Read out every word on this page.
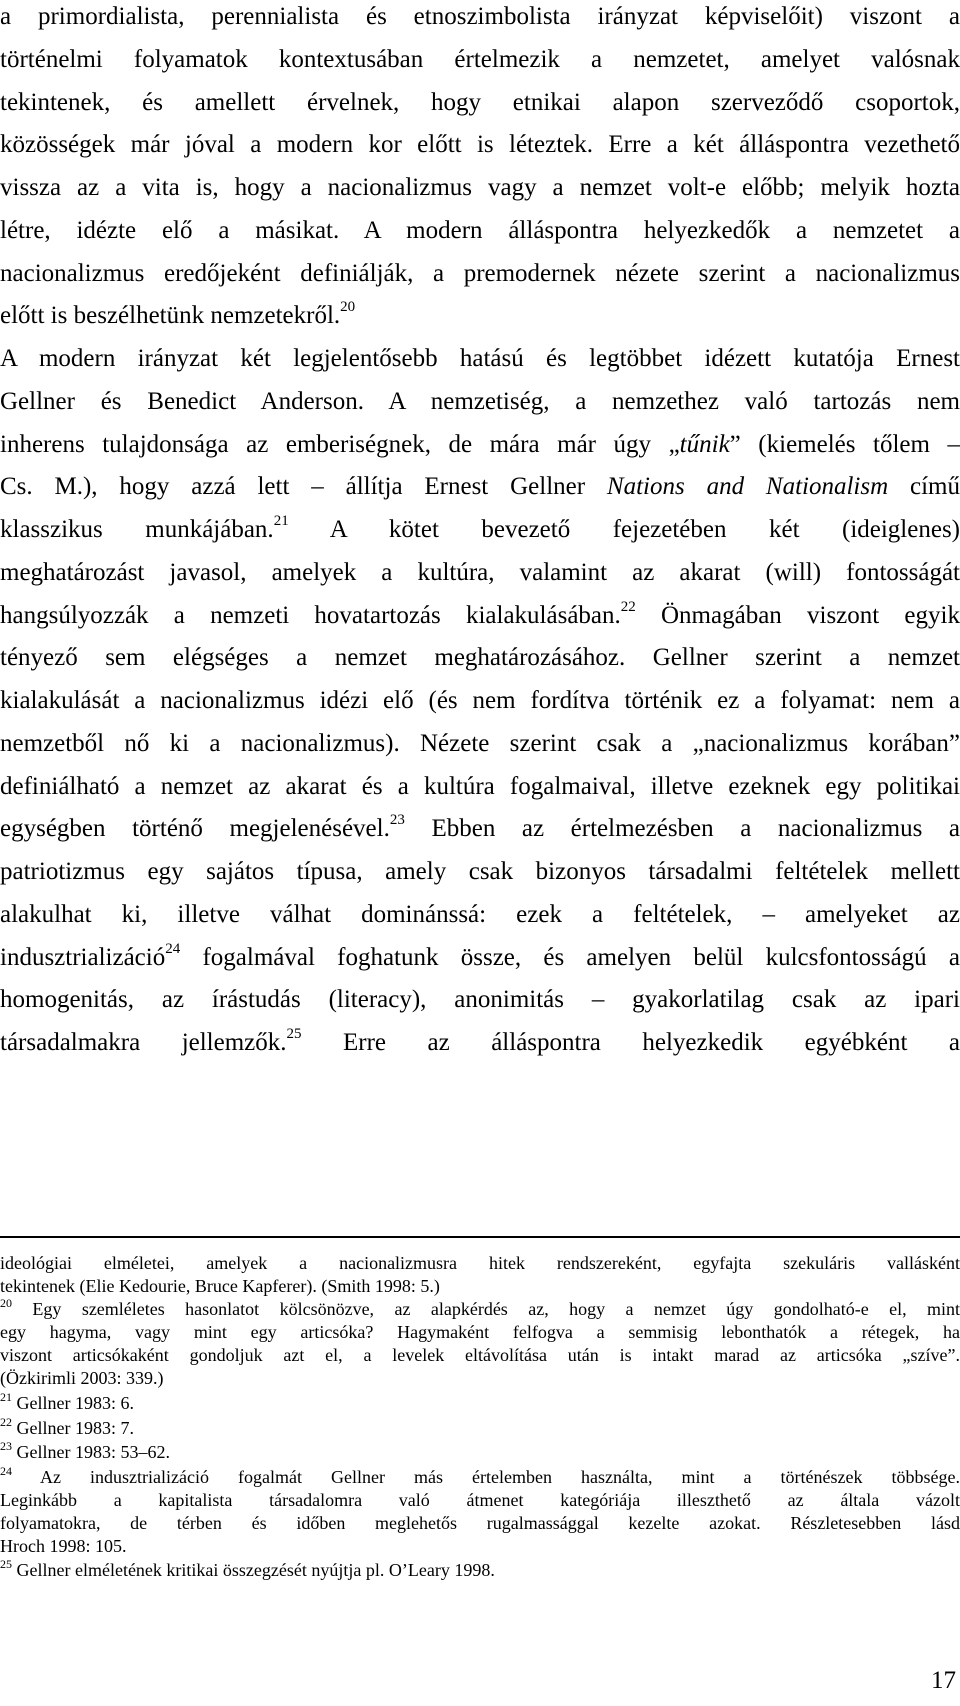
a primordialista, perennialista és etnoszimbolista irányzat képviselőit) viszont a
történelmi folyamatok kontextusában értelmezik a nemzetet, amelyet valósnak
tekintenek, és amellett érvelnek, hogy etnikai alapon szerveződő csoportok,
közösségek már jóval a modern kor előtt is léteztek. Erre a két álláspontra vezethető
vissza az a vita is, hogy a nacionalizmus vagy a nemzet volt-e előbb; melyik hozta
létre, idézte elő a másikat. A modern álláspontra helyezkedők a nemzetet a
nacionalizmus eredőjeként definiálják, a premodernek nézete szerint a nacionalizmus
előtt is beszélhetünk nemzetekről.$^{20}$
A modern irányzat két legjelentősebb hatású és legtöbbet idézett kutatója Ernest
Gellner és Benedict Anderson. A nemzetiség, a nemzethez való tartozás nem
inherens tulajdonsága az emberiségnek, de mára már úgy „tűnik” (kiemelés tőlem –
Cs. M.), hogy azzá lett – állítja Ernest Gellner Nations and Nationalism című
klasszikus munkájában.$^{21}$ A kötet bevezető fejezetében két (ideiglenes)
meghatározást javasol, amelyek a kultúra, valamint az akarat (will) fontosságát
hangsúlyozzák a nemzeti hovatartozás kialakulásában.$^{22}$ Önmagában viszont egyik
tényező sem elégséges a nemzet meghatározásához. Gellner szerint a nemzet
kialakulását a nacionalizmus idézi elő (és nem fordítva történik ez a folyamat: nem a
nemzetből nő ki a nacionalizmus). Nézete szerint csak a „nacionalizmus korában”
definiálható a nemzet az akarat és a kultúra fogalmaival, illetve ezeknek egy politikai
egységben történő megjelenésével.$^{23}$ Ebben az értelmezésben a nacionalizmus a
patriotizmus egy sajátos típusa, amely csak bizonyos társadalmi feltételek mellett
alakulhat ki, illetve válhat dominánssá: ezek a feltételek, – amelyeket az
indusztrializáció$^{24}$ fogalmával foghatunk össze, és amelyen belül kulcsfontosságú a
homogenitás, az írástudás (literacy), anonimitás – gyakorlatilag csak az ipari
társadalmakra jellemzők.$^{25}$ Erre az álláspontra helyezkedik egyébként a
ideológiai elméletei, amelyek a nacionalizmusra hitek rendszereként, egyfajta szekuláris vallásként
tekintenek (Elie Kedourie, Bruce Kapferer). (Smith 1998: 5.)
$^{20}$ Egy szemléletes hasonlatot kölcsönözve, az alapkérdés az, hogy a nemzet úgy gondolható-e el, mint
egy hagyma, vagy mint egy articsóka? Hagymaként felfogva a semmisig lebonthatók a rétegek, ha
viszont articsókaként gondoljuk azt el, a levelek eltávolítása után is intakt marad az articsóka „szíve”.
(Özkirimli 2003: 339.)
$^{21}$ Gellner 1983: 6.
$^{22}$ Gellner 1983: 7.
$^{23}$ Gellner 1983: 53–62.
$^{24}$ Az indusztrializáció fogalmát Gellner más értelemben használta, mint a történészek többsége.
Leginkább a kapitalista társadalomra való átmenet kategóriája illeszthető az általa vázolt
folyamatokra, de térben és időben meglehetős rugalmassággal kezelte azokat. Részletesebben lásd
Hroch 1998: 105.
$^{25}$ Gellner elméletének kritikai összegzését nyújtja pl. O’Leary 1998.
17
